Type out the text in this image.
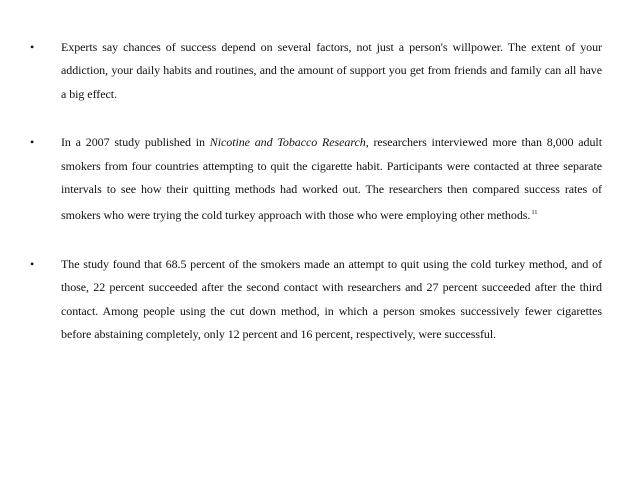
•	Experts say chances of success depend on several factors, not just a person's willpower. The extent of your addiction, your daily habits and routines, and the amount of support you get from friends and family can all have a big effect.
•	In a 2007 study published in Nicotine and Tobacco Research, researchers interviewed more than 8,000 adult smokers from four countries attempting to quit the cigarette habit. Participants were contacted at three separate intervals to see how their quitting methods had worked out. The researchers then compared success rates of smokers who were trying the cold turkey approach with those who were employing other methods.$^{11}$
•	The study found that 68.5 percent of the smokers made an attempt to quit using the cold turkey method, and of those, 22 percent succeeded after the second contact with researchers and 27 percent succeeded after the third contact. Among people using the cut down method, in which a person smokes successively fewer cigarettes before abstaining completely, only 12 percent and 16 percent, respectively, were successful.
